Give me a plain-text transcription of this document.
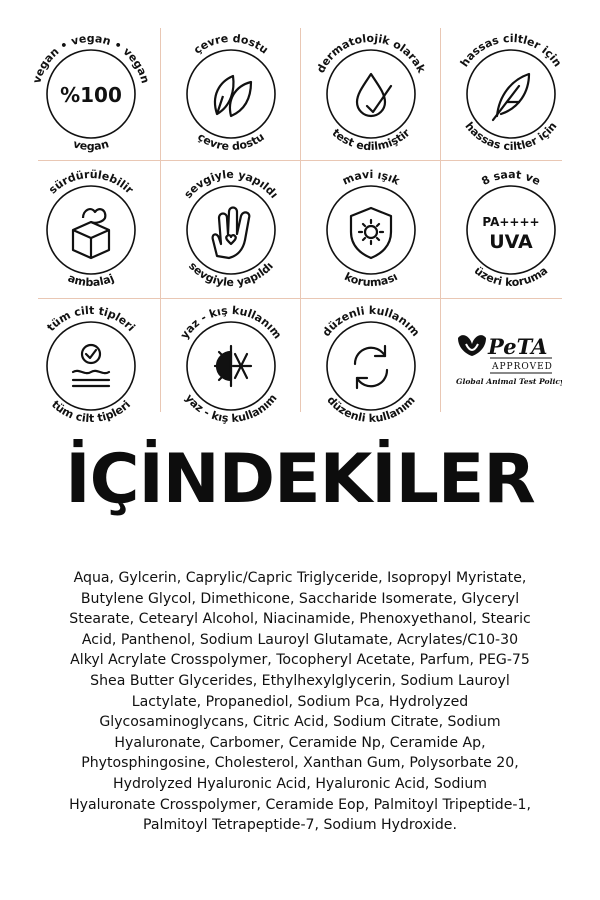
vegan • vegan • vegan
vegan
%100
çevre dostu
çevre dostu
dermatolojik olarak
test edilmiştir
hassas ciltler için
hassas ciltler için
sürdürülebilir
ambalaj
sevgiyle yapıldı
sevgiyle yapıldı
mavi ışık
koruması
8 saat ve
üzeri koruma
PA++++
UVA
tüm cilt tipleri
tüm cilt tipleri
yaz - kış kullanım
yaz - kış kullanım
düzenli kullanım
düzenli kullanım
PeTA
APPROVED
Global Animal Test Policy
İÇİNDEKİLER
Aqua, Gylcerin, Caprylic/Capric Triglyceride, Isopropyl Myristate, Butylene Glycol, Dimethicone, Saccharide Isomerate, Glyceryl Stearate, Cetearyl Alcohol, Niacinamide, Phenoxyethanol, Stearic Acid, Panthenol, Sodium Lauroyl Glutamate, Acrylates/C10-30 Alkyl Acrylate Crosspolymer, Tocopheryl Acetate, Parfum, PEG-75 Shea Butter Glycerides, Ethylhexylglycerin, Sodium Lauroyl Lactylate, Propanediol, Sodium Pca, Hydrolyzed Glycosaminoglycans, Citric Acid, Sodium Citrate, Sodium Hyaluronate, Carbomer, Ceramide Np, Ceramide Ap, Phytosphingosine, Cholesterol, Xanthan Gum, Polysorbate 20, Hydrolyzed Hyaluronic Acid, Hyaluronic Acid, Sodium Hyaluronate Crosspolymer, Ceramide Eop, Palmitoyl Tripeptide-1, Palmitoyl Tetrapeptide-7, Sodium Hydroxide.
